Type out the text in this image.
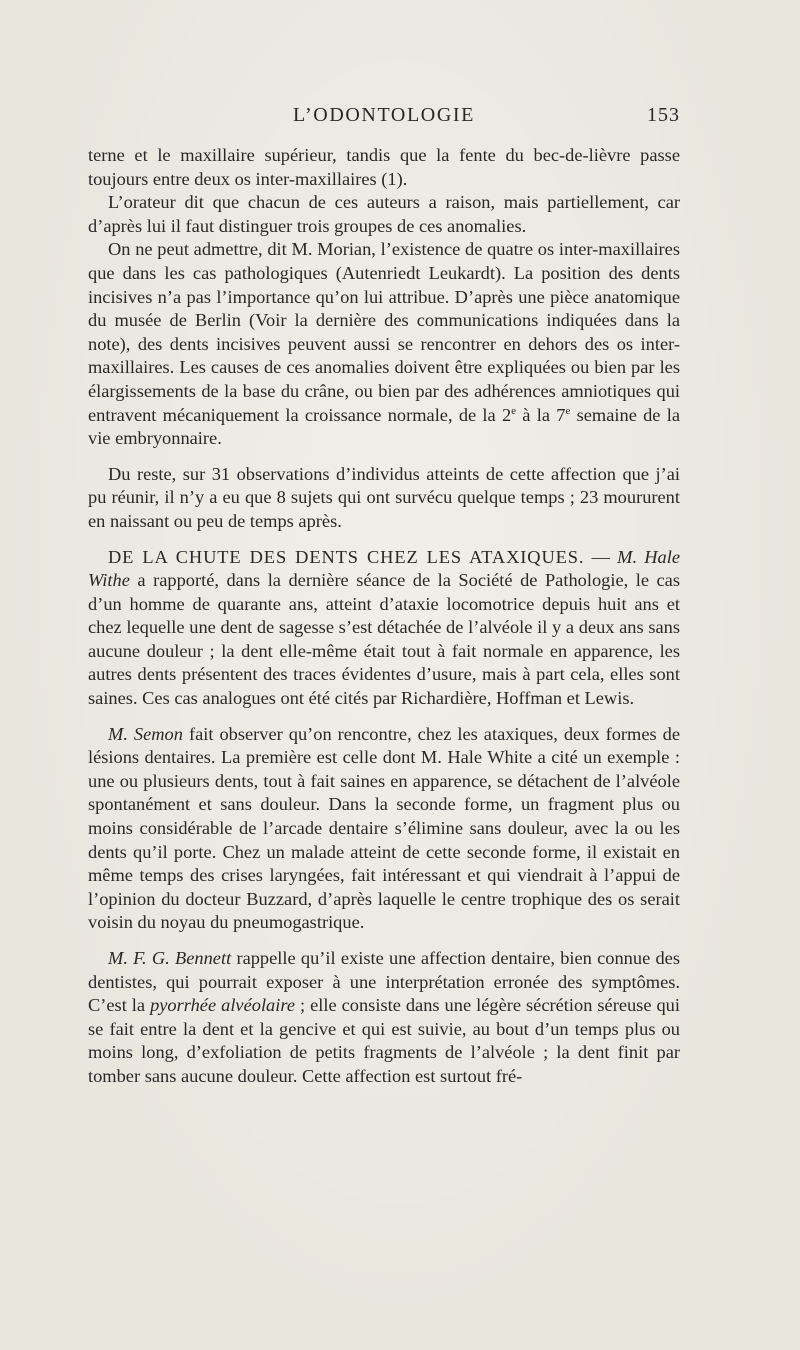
L’ODONTOLOGIE	153

terne et le maxillaire supérieur, tandis que la fente du bec-de-lièvre passe toujours entre deux os inter-maxillaires (1).

L’orateur dit que chacun de ces auteurs a raison, mais partiellement, car d’après lui il faut distinguer trois groupes de ces anomalies.

On ne peut admettre, dit M. Morian, l’existence de quatre os inter-maxillaires que dans les cas pathologiques (Autenriedt Leukardt). La position des dents incisives n’a pas l’importance qu’on lui attribue. D’après une pièce anatomique du musée de Berlin (Voir la dernière des communications indiquées dans la note), des dents incisives peuvent aussi se rencontrer en dehors des os inter-maxillaires. Les causes de ces anomalies doivent être expliquées ou bien par les élargissements de la base du crâne, ou bien par des adhérences amniotiques qui entravent mécaniquement la croissance normale, de la 2e à la 7e semaine de la vie embryonnaire.

Du reste, sur 31 observations d’individus atteints de cette affection que j’ai pu réunir, il n’y a eu que 8 sujets qui ont survécu quelque temps ; 23 moururent en naissant ou peu de temps après.

DE LA CHUTE DES DENTS CHEZ LES ATAXIQUES. — M. Hale Withe a rapporté, dans la dernière séance de la Société de Pathologie, le cas d’un homme de quarante ans, atteint d’ataxie locomotrice depuis huit ans et chez lequelle une dent de sagesse s’est détachée de l’alvéole il y a deux ans sans aucune douleur ; la dent elle-même était tout à fait normale en apparence, les autres dents présentent des traces évidentes d’usure, mais à part cela, elles sont saines. Ces cas analogues ont été cités par Richardière, Hoffman et Lewis.

M. Semon fait observer qu’on rencontre, chez les ataxiques, deux formes de lésions dentaires. La première est celle dont M. Hale White a cité un exemple : une ou plusieurs dents, tout à fait saines en apparence, se détachent de l’alvéole spontanément et sans douleur. Dans la seconde forme, un fragment plus ou moins considérable de l’arcade dentaire s’élimine sans douleur, avec la ou les dents qu’il porte. Chez un malade atteint de cette seconde forme, il existait en même temps des crises laryngées, fait intéressant et qui viendrait à l’appui de l’opinion du docteur Buzzard, d’après laquelle le centre trophique des os serait voisin du noyau du pneumogastrique.

M. F. G. Bennett rappelle qu’il existe une affection dentaire, bien connue des dentistes, qui pourrait exposer à une interprétation erronée des symptômes. C’est la pyorrhée alvéolaire ; elle consiste dans une légère sécrétion séreuse qui se fait entre la dent et la gencive et qui est suivie, au bout d’un temps plus ou moins long, d’exfoliation de petits fragments de l’alvéole ; la dent finit par tomber sans aucune douleur. Cette affection est surtout fré-
